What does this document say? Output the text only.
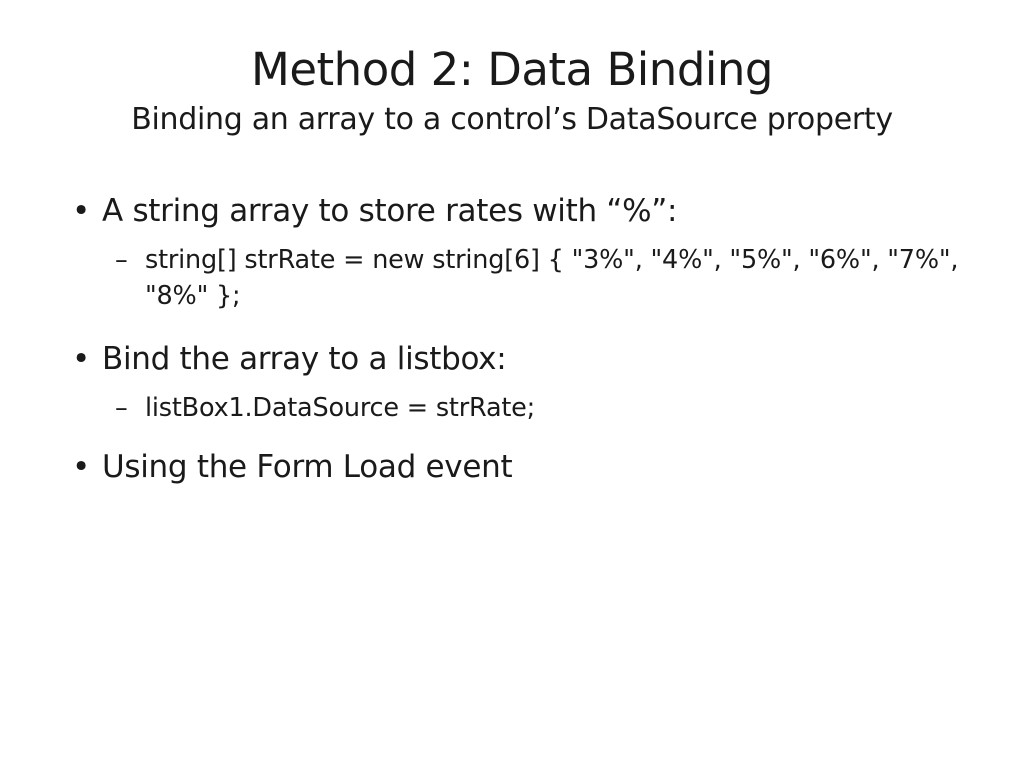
Method 2: Data Binding
Binding an array to a control’s DataSource property
• A string array to store rates with “%”:
– string[] strRate = new string[6] { "3%", "4%", "5%", "6%", "7%", "8%" };
• Bind the array to a listbox:
– listBox1.DataSource = strRate;
• Using the Form Load event
